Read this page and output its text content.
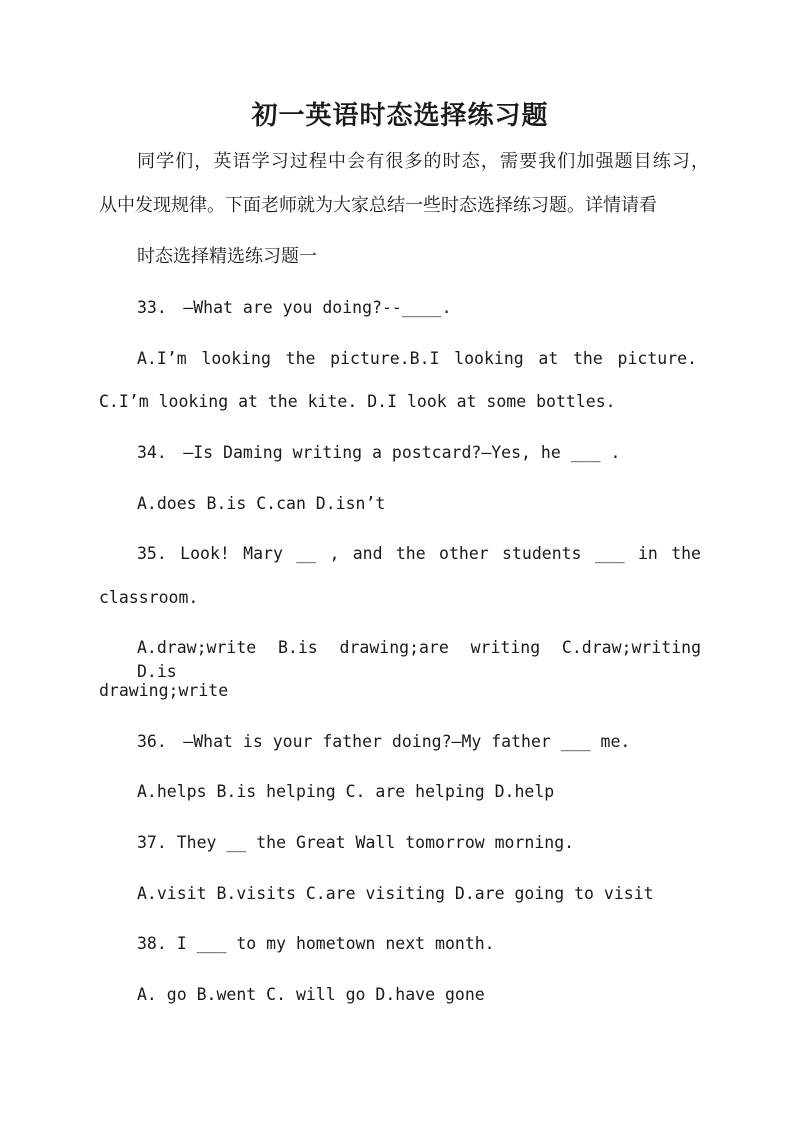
初一英语时态选择练习题
同学们，英语学习过程中会有很多的时态，需要我们加强题目练习，
从中发现规律。下面老师就为大家总结一些时态选择练习题。详情请看
时态选择精选练习题一
33.　–What are you doing?--____.
A.I’m looking the picture.B.I looking at the picture.
C.I’m looking at the kite. D.I look at some bottles.
34.　–Is Daming writing a postcard?—Yes, he ___ .
A.does B.is C.can D.isn’t
35. Look! Mary __ , and the other students ___ in the
classroom.
A.draw;write B.is drawing;are writing C.draw;writing D.is
drawing;write
36.　–What is your father doing?—My father ___ me.
A.helps B.is helping C. are helping D.help
37. They __ the Great Wall tomorrow morning.
A.visit B.visits C.are visiting D.are going to visit
38. I ___ to my hometown next month.
A. go B.went C. will go D.have gone
